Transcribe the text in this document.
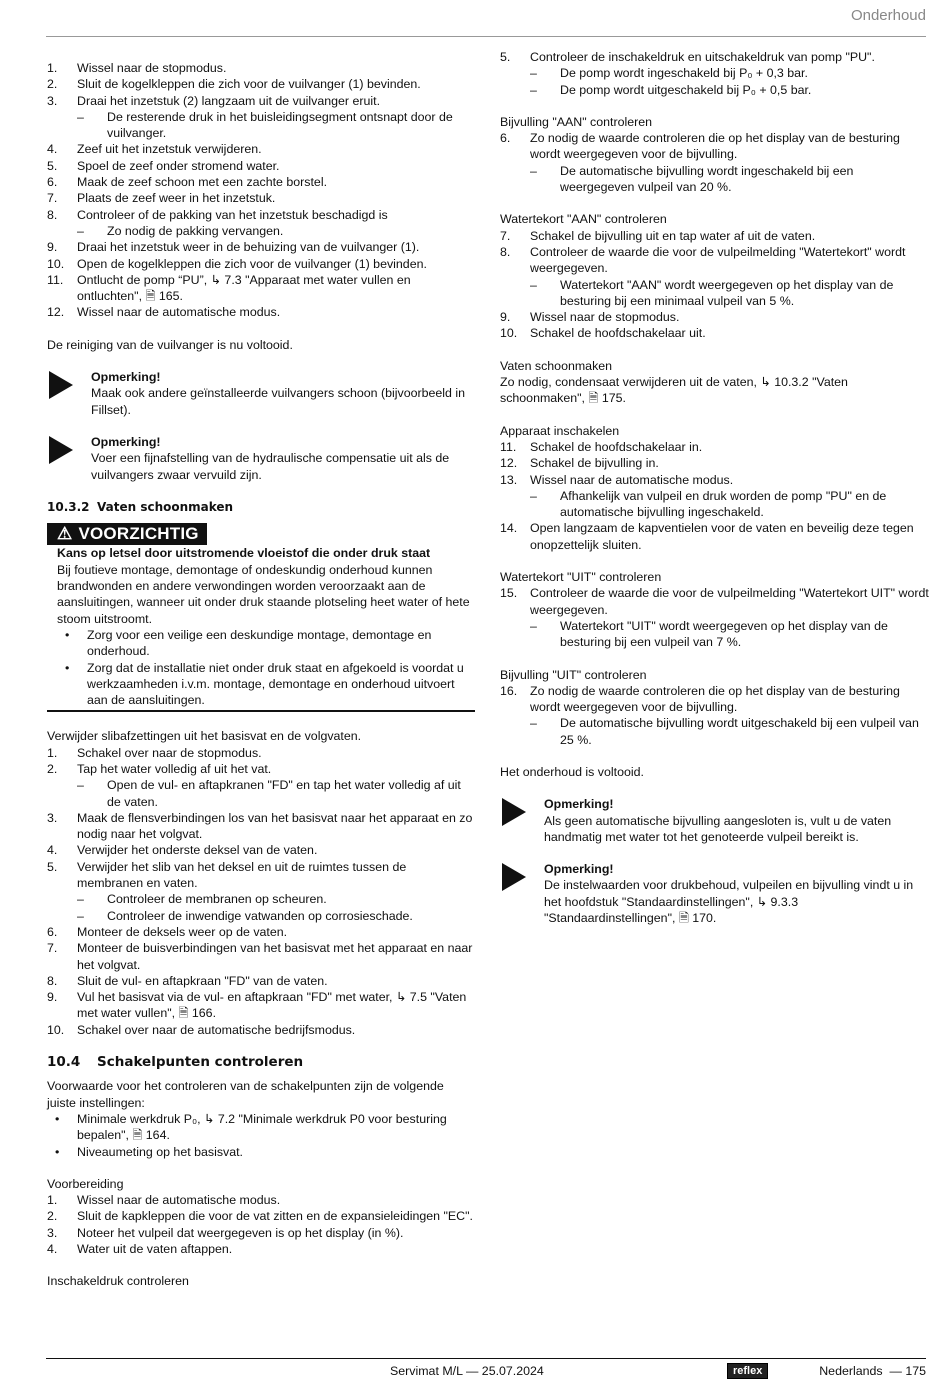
Onderhoud
1. Wissel naar de stopmodus.
2. Sluit de kogelkleppen die zich voor de vuilvanger (1) bevinden.
3. Draai het inzetstuk (2) langzaam uit de vuilvanger eruit.
– De resterende druk in het buisleidingsegment ontsnapt door de vuilvanger.
4. Zeef uit het inzetstuk verwijderen.
5. Spoel de zeef onder stromend water.
6. Maak de zeef schoon met een zachte borstel.
7. Plaats de zeef weer in het inzetstuk.
8. Controleer of de pakking van het inzetstuk beschadigd is
– Zo nodig de pakking vervangen.
9. Draai het inzetstuk weer in de behuizing van de vuilvanger (1).
10. Open de kogelkleppen die zich voor de vuilvanger (1) bevinden.
11. Ontlucht de pomp “PU”, ↳ 7.3 "Apparaat met water vullen en ontluchten", 🗎 165.
12. Wissel naar de automatische modus.
De reiniging van de vuilvanger is nu voltooid.
Opmerking!
Maak ook andere geïnstalleerde vuilvangers schoon (bijvoorbeeld in Fillset).
Opmerking!
Voer een fijnafstelling van de hydraulische compensatie uit als de vuilvangers zwaar vervuild zijn.
10.3.2 Vaten schoonmaken
⚠ VOORZICHTIG
Kans op letsel door uitstromende vloeistof die onder druk staat
Bij foutieve montage, demontage of ondeskundig onderhoud kunnen brandwonden en andere verwondingen worden veroorzaakt aan de aansluitingen, wanneer uit onder druk staande plotseling heet water of hete stoom uitstroomt.
• Zorg voor een veilige een deskundige montage, demontage en onderhoud.
• Zorg dat de installatie niet onder druk staat en afgekoeld is voordat u werkzaamheden i.v.m. montage, demontage en onderhoud uitvoert aan de aansluitingen.
Verwijder slibafzettingen uit het basisvat en de volgvaten.
1. Schakel over naar de stopmodus.
2. Tap het water volledig af uit het vat.
– Open de vul- en aftapkranen "FD" en tap het water volledig af uit de vaten.
3. Maak de flensverbindingen los van het basisvat naar het apparaat en zo nodig naar het volgvat.
4. Verwijder het onderste deksel van de vaten.
5. Verwijder het slib van het deksel en uit de ruimtes tussen de membranen en vaten.
– Controleer de membranen op scheuren.
– Controleer de inwendige vatwanden op corrosieschade.
6. Monteer de deksels weer op de vaten.
7. Monteer de buisverbindingen van het basisvat met het apparaat en naar het volgvat.
8. Sluit de vul- en aftapkraan "FD" van de vaten.
9. Vul het basisvat via de vul- en aftapkraan "FD" met water, ↳ 7.5 "Vaten met water vullen", 🗎 166.
10. Schakel over naar de automatische bedrijfsmodus.
10.4 Schakelpunten controleren
Voorwaarde voor het controleren van de schakelpunten zijn de volgende juiste instellingen:
• Minimale werkdruk P₀, ↳ 7.2 "Minimale werkdruk P0 voor besturing bepalen", 🗎 164.
• Niveaumeting op het basisvat.
Voorbereiding
1. Wissel naar de automatische modus.
2. Sluit de kapkleppen die voor de vat zitten en de expansieleidingen "EC".
3. Noteer het vulpeil dat weergegeven is op het display (in %).
4. Water uit de vaten aftappen.
Inschakeldruk controleren
5. Controleer de inschakeldruk en uitschakeldruk van pomp "PU".
– De pomp wordt ingeschakeld bij P₀ + 0,3 bar.
– De pomp wordt uitgeschakeld bij P₀ + 0,5 bar.
Bijvulling "AAN" controleren
6. Zo nodig de waarde controleren die op het display van de besturing wordt weergegeven voor de bijvulling.
– De automatische bijvulling wordt ingeschakeld bij een weergegeven vulpeil van 20 %.
Watertekort "AAN" controleren
7. Schakel de bijvulling uit en tap water af uit de vaten.
8. Controleer de waarde die voor de vulpeilmelding "Watertekort" wordt weergegeven.
– Watertekort "AAN" wordt weergegeven op het display van de besturing bij een minimaal vulpeil van 5 %.
9. Wissel naar de stopmodus.
10. Schakel de hoofdschakelaar uit.
Vaten schoonmaken
Zo nodig, condensaat verwijderen uit de vaten, ↳ 10.3.2 "Vaten schoonmaken", 🗎 175.
Apparaat inschakelen
11. Schakel de hoofdschakelaar in.
12. Schakel de bijvulling in.
13. Wissel naar de automatische modus.
– Afhankelijk van vulpeil en druk worden de pomp "PU" en de automatische bijvulling ingeschakeld.
14. Open langzaam de kapventielen voor de vaten en beveilig deze tegen onopzettelijk sluiten.
Watertekort "UIT" controleren
15. Controleer de waarde die voor de vulpeilmelding "Watertekort UIT" wordt weergegeven.
– Watertekort "UIT" wordt weergegeven op het display van de besturing bij een vulpeil van 7 %.
Bijvulling "UIT" controleren
16. Zo nodig de waarde controleren die op het display van de besturing wordt weergegeven voor de bijvulling.
– De automatische bijvulling wordt uitgeschakeld bij een vulpeil van 25 %.
Het onderhoud is voltooid.
Opmerking!
Als geen automatische bijvulling aangesloten is, vult u de vaten handmatig met water tot het genoteerde vulpeil bereikt is.
Opmerking!
De instelwaarden voor drukbehoud, vulpeilen en bijvulling vindt u in het hoofdstuk "Standaardinstellingen", ↳ 9.3.3 "Standaardinstellingen", 🗎 170.
Servimat M/L — 25.07.2024	reflex	Nederlands  — 175
